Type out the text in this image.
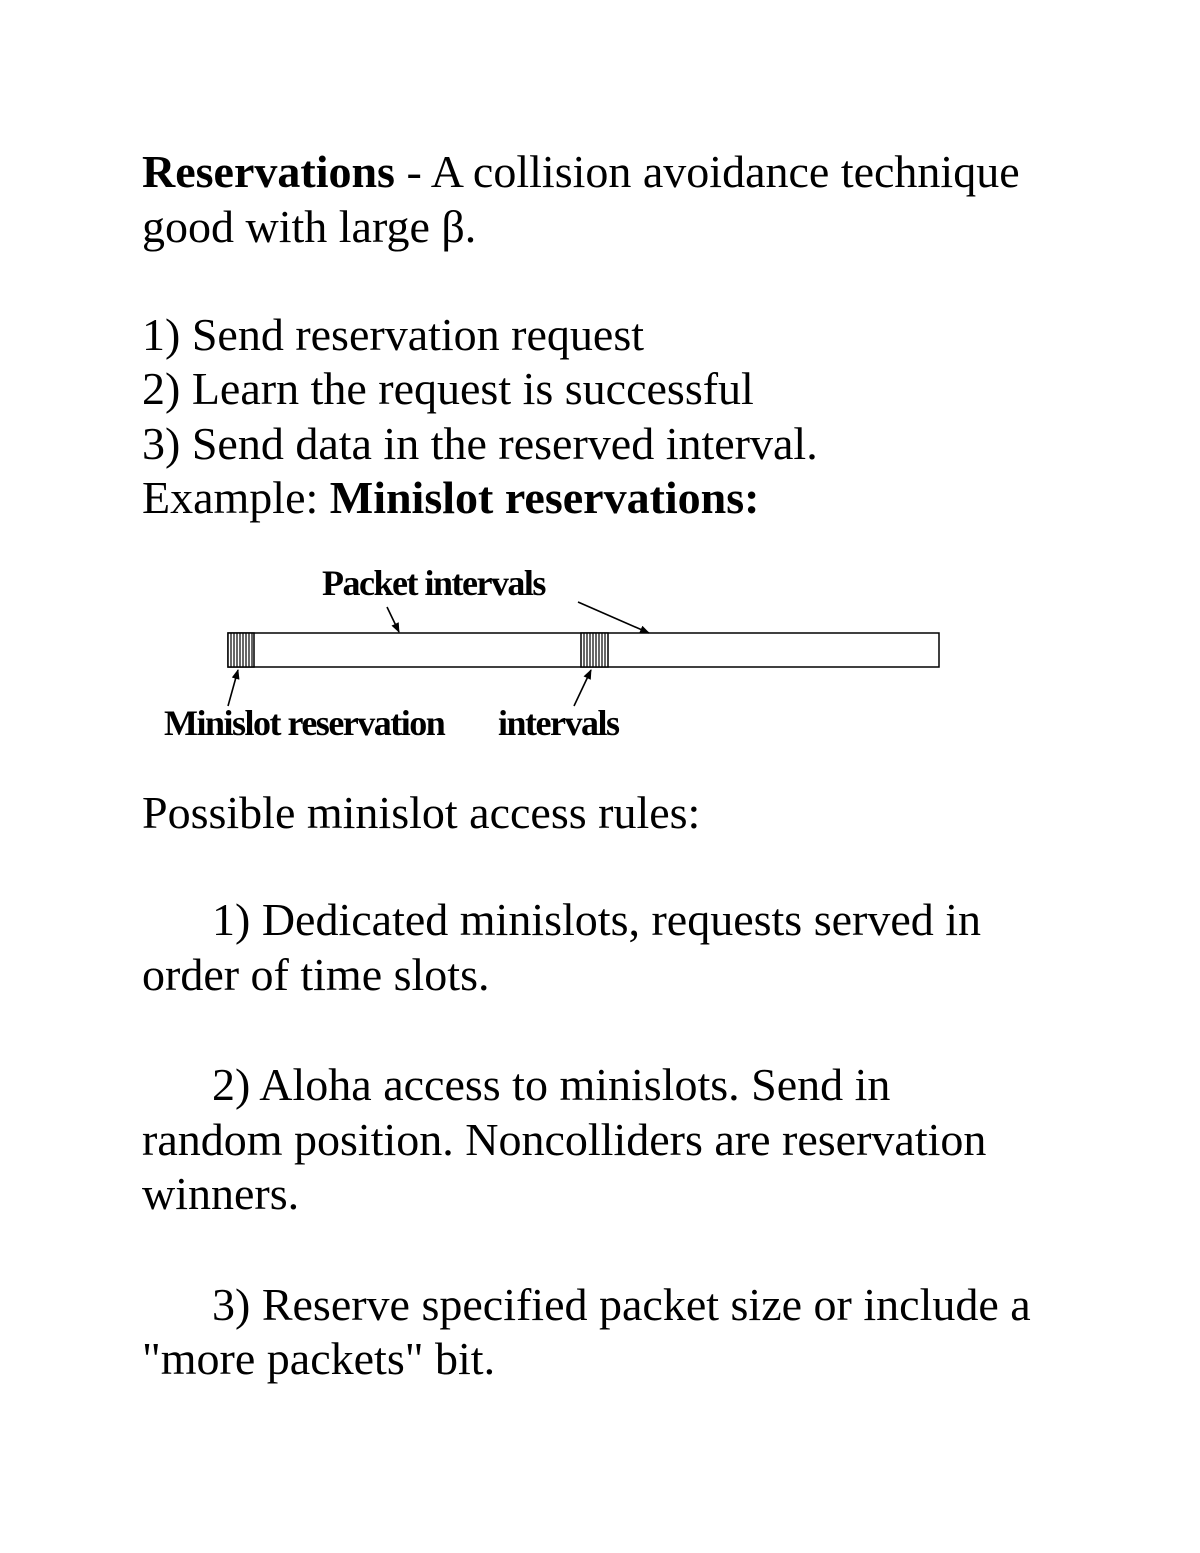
Reservations - A collision avoidance technique
good with large β.
1) Send reservation request
2) Learn the request is successful
3) Send data in the reserved interval.
Example: Minislot reservations:
Packet intervals
Minislot reservation intervals
Possible minislot access rules:
1) Dedicated minislots, requests served in
order of time slots.
2) Aloha access to minislots. Send in
random position. Noncolliders are reservation
winners.
3) Reserve specified packet size or include a
"more packets" bit.
